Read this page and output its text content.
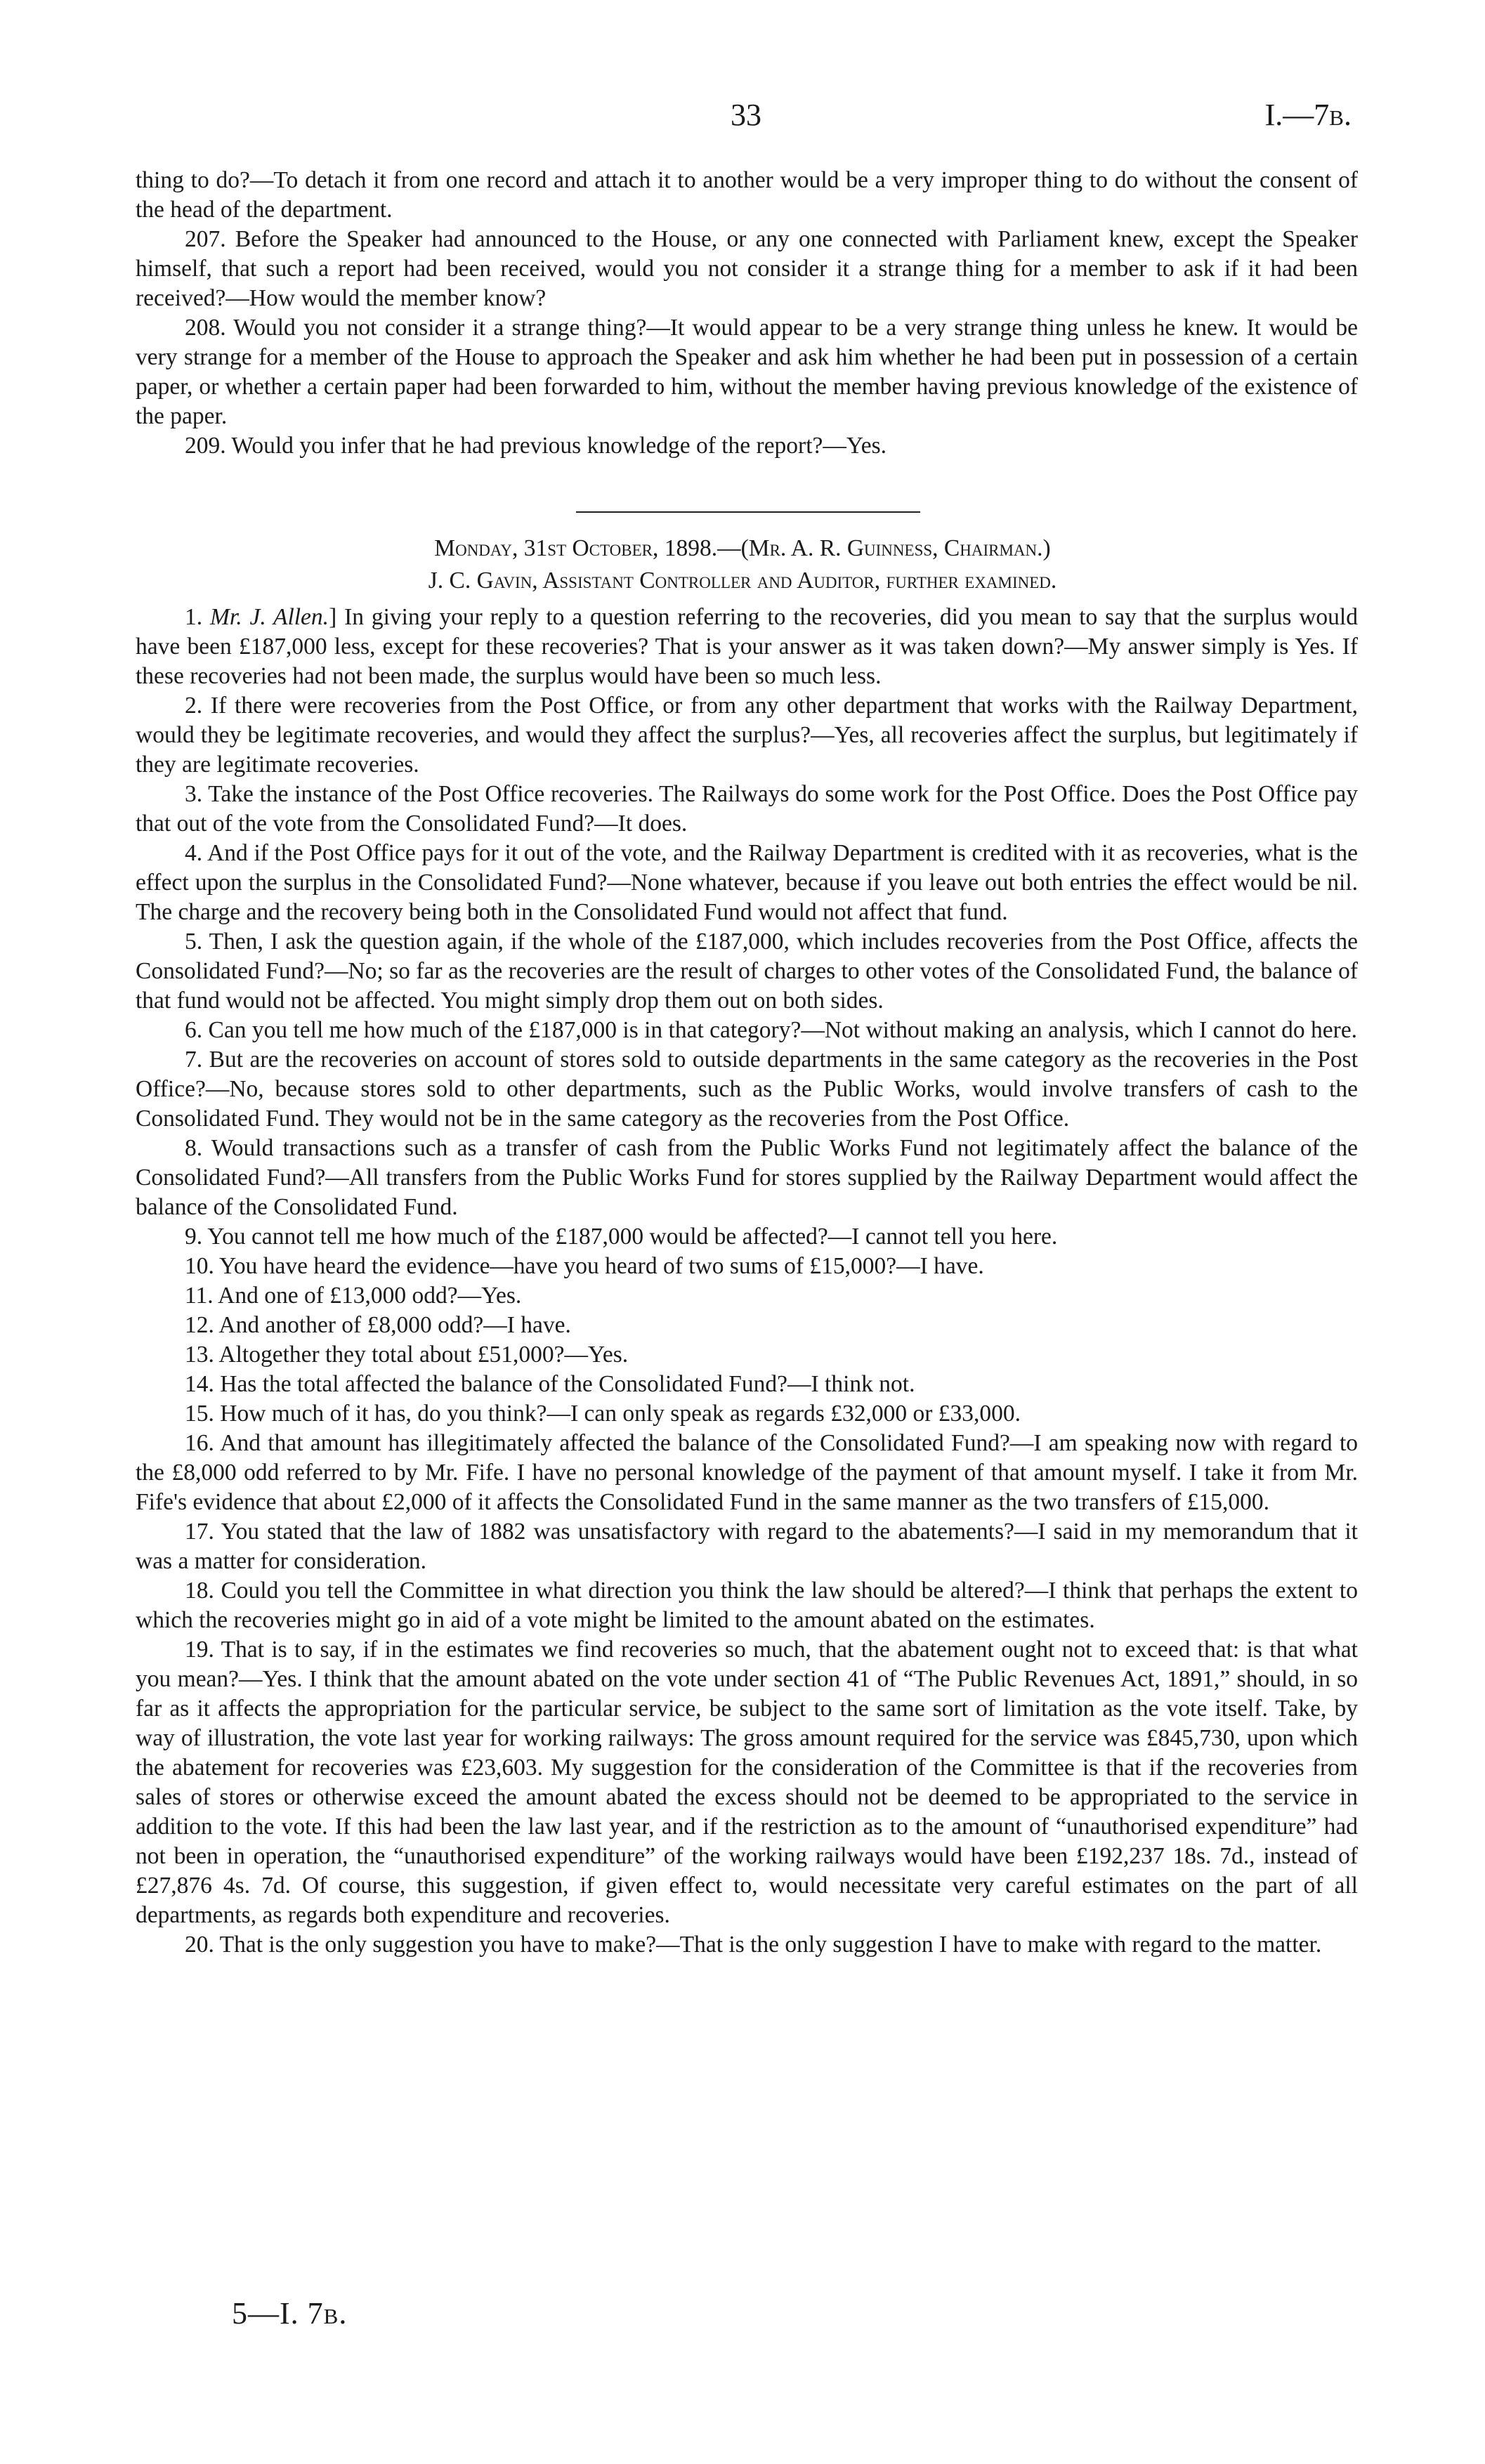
33	I.—7b.

thing to do?—To detach it from one record and attach it to another would be a very improper thing to do without the consent of the head of the department.

207. Before the Speaker had announced to the House, or any one connected with Parliament knew, except the Speaker himself, that such a report had been received, would you not consider it a strange thing for a member to ask if it had been received?—How would the member know?

208. Would you not consider it a strange thing?—It would appear to be a very strange thing unless he knew. It would be very strange for a member of the House to approach the Speaker and ask him whether he had been put in possession of a certain paper, or whether a certain paper had been forwarded to him, without the member having previous knowledge of the existence of the paper.

209. Would you infer that he had previous knowledge of the report?—Yes.

Monday, 31st October, 1898.—(Mr. A. R. Guinness, Chairman.)
J. C. Gavin, Assistant Controller and Auditor, further examined.

1. Mr. J. Allen.] In giving your reply to a question referring to the recoveries, did you mean to say that the surplus would have been £187,000 less, except for these recoveries? That is your answer as it was taken down?—My answer simply is Yes. If these recoveries had not been made, the surplus would have been so much less.

2. If there were recoveries from the Post Office, or from any other department that works with the Railway Department, would they be legitimate recoveries, and would they affect the surplus?—Yes, all recoveries affect the surplus, but legitimately if they are legitimate recoveries.

3. Take the instance of the Post Office recoveries. The Railways do some work for the Post Office. Does the Post Office pay that out of the vote from the Consolidated Fund?—It does.

4. And if the Post Office pays for it out of the vote, and the Railway Department is credited with it as recoveries, what is the effect upon the surplus in the Consolidated Fund?—None whatever, because if you leave out both entries the effect would be nil. The charge and the recovery being both in the Consolidated Fund would not affect that fund.

5. Then, I ask the question again, if the whole of the £187,000, which includes recoveries from the Post Office, affects the Consolidated Fund?—No; so far as the recoveries are the result of charges to other votes of the Consolidated Fund, the balance of that fund would not be affected. You might simply drop them out on both sides.

6. Can you tell me how much of the £187,000 is in that category?—Not without making an analysis, which I cannot do here.

7. But are the recoveries on account of stores sold to outside departments in the same category as the recoveries in the Post Office?—No, because stores sold to other departments, such as the Public Works, would involve transfers of cash to the Consolidated Fund. They would not be in the same category as the recoveries from the Post Office.

8. Would transactions such as a transfer of cash from the Public Works Fund not legitimately affect the balance of the Consolidated Fund?—All transfers from the Public Works Fund for stores supplied by the Railway Department would affect the balance of the Consolidated Fund.

9. You cannot tell me how much of the £187,000 would be affected?—I cannot tell you here.

10. You have heard the evidence—have you heard of two sums of £15,000?—I have.

11. And one of £13,000 odd?—Yes.

12. And another of £8,000 odd?—I have.

13. Altogether they total about £51,000?—Yes.

14. Has the total affected the balance of the Consolidated Fund?—I think not.

15. How much of it has, do you think?—I can only speak as regards £32,000 or £33,000.

16. And that amount has illegitimately affected the balance of the Consolidated Fund?—I am speaking now with regard to the £8,000 odd referred to by Mr. Fife. I have no personal knowledge of the payment of that amount myself. I take it from Mr. Fife's evidence that about £2,000 of it affects the Consolidated Fund in the same manner as the two transfers of £15,000.

17. You stated that the law of 1882 was unsatisfactory with regard to the abatements?—I said in my memorandum that it was a matter for consideration.

18. Could you tell the Committee in what direction you think the law should be altered?—I think that perhaps the extent to which the recoveries might go in aid of a vote might be limited to the amount abated on the estimates.

19. That is to say, if in the estimates we find recoveries so much, that the abatement ought not to exceed that: is that what you mean?—Yes. I think that the amount abated on the vote under section 41 of “The Public Revenues Act, 1891,” should, in so far as it affects the appropriation for the particular service, be subject to the same sort of limitation as the vote itself. Take, by way of illustration, the vote last year for working railways: The gross amount required for the service was £845,730, upon which the abatement for recoveries was £23,603. My suggestion for the consideration of the Committee is that if the recoveries from sales of stores or otherwise exceed the amount abated the excess should not be deemed to be appropriated to the service in addition to the vote. If this had been the law last year, and if the restriction as to the amount of “unauthorised expenditure” had not been in operation, the “unauthorised expenditure” of the working railways would have been £192,237 18s. 7d., instead of £27,876 4s. 7d. Of course, this suggestion, if given effect to, would necessitate very careful estimates on the part of all departments, as regards both expenditure and recoveries.

20. That is the only suggestion you have to make?—That is the only suggestion I have to make with regard to the matter.

5—I. 7b.
